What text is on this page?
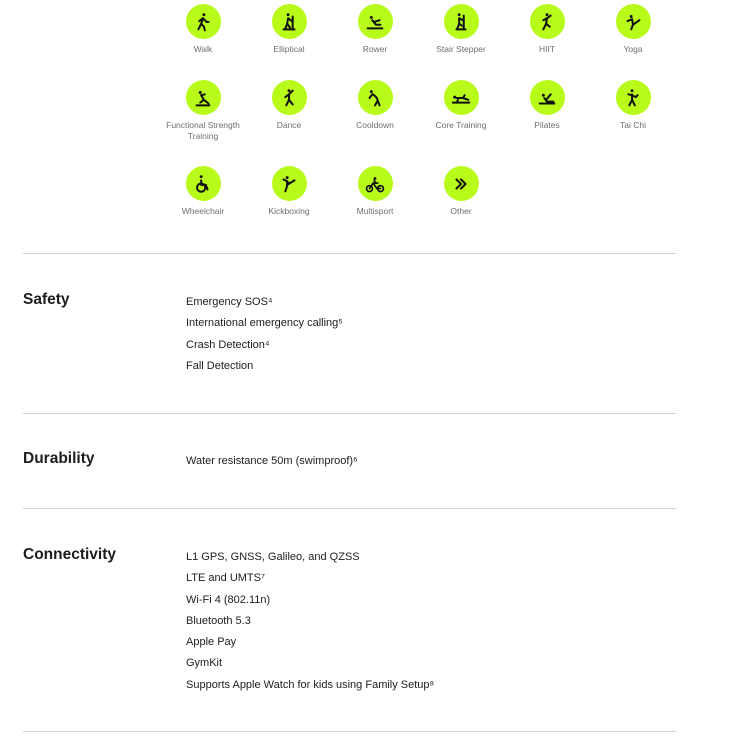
Walk	Elliptical	Rower	Stair Stepper	HIIT	Yoga
Functional Strength Training
Dance	Cooldown	Core Training	Pilates	Tai Chi
Wheelchair	Kickboxing	Multisport	Other
Safety	Emergency SOS⁴
International emergency calling⁵
Crash Detection⁴
Fall Detection
Durability	Water resistance 50m (swimproof)⁶
Connectivity	L1 GPS, GNSS, Galileo, and QZSS
LTE and UMTS⁷
Wi-Fi 4 (802.11n)
Bluetooth 5.3
Apple Pay
GymKit
Supports Apple Watch for kids using Family Setup⁸
